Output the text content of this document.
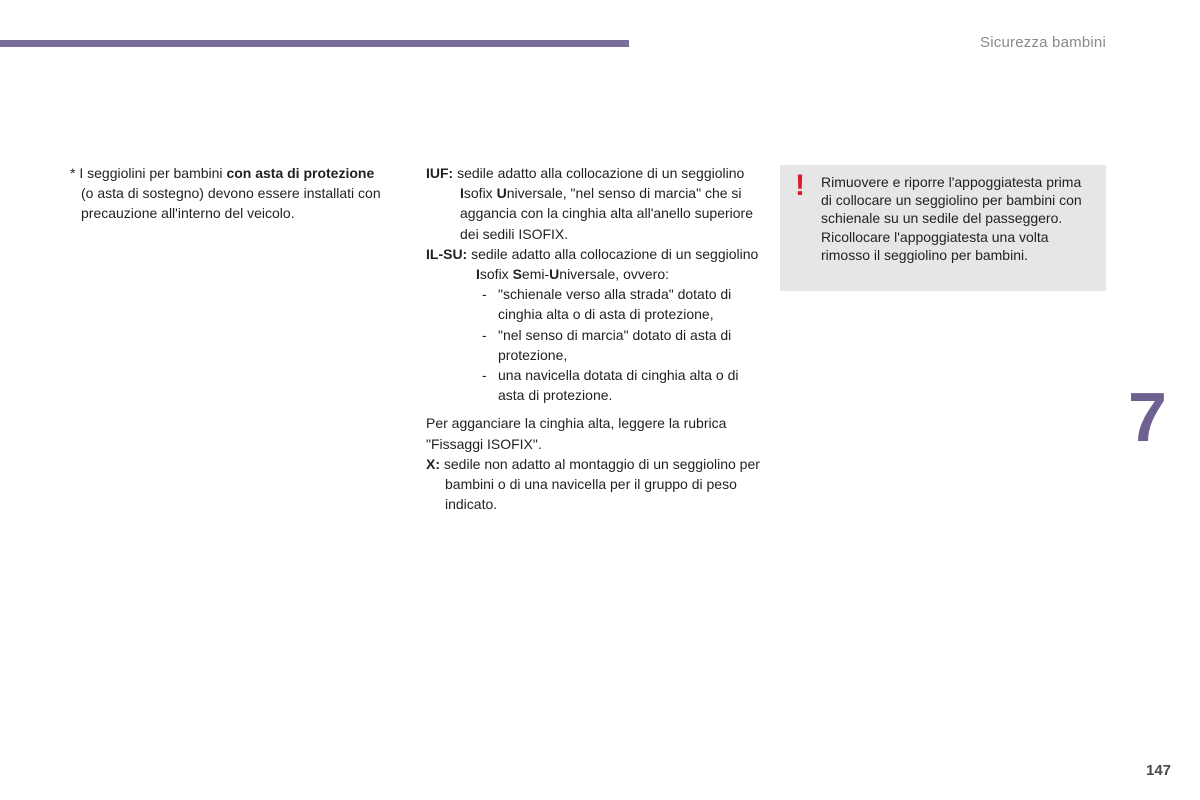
Sicurezza bambini
* I seggiolini per bambini con asta di protezione (o asta di sostegno) devono essere installati con precauzione all'interno del veicolo.
IUF: sedile adatto alla collocazione di un seggiolino Isofix Universale, "nel senso di marcia" che si aggancia con la cinghia alta all'anello superiore dei sedili ISOFIX.
IL-SU: sedile adatto alla collocazione di un seggiolino Isofix Semi-Universale, ovvero:
- "schienale verso alla strada" dotato di cinghia alta o di asta di protezione,
- "nel senso di marcia" dotato di asta di protezione,
- una navicella dotata di cinghia alta o di asta di protezione.
Per agganciare la cinghia alta, leggere la rubrica "Fissaggi ISOFIX".
X: sedile non adatto al montaggio di un seggiolino per bambini o di una navicella per il gruppo di peso indicato.
! Rimuovere e riporre l'appoggiatesta prima di collocare un seggiolino per bambini con schienale su un sedile del passeggero. Ricollocare l'appoggiatesta una volta rimosso il seggiolino per bambini.
7
147
